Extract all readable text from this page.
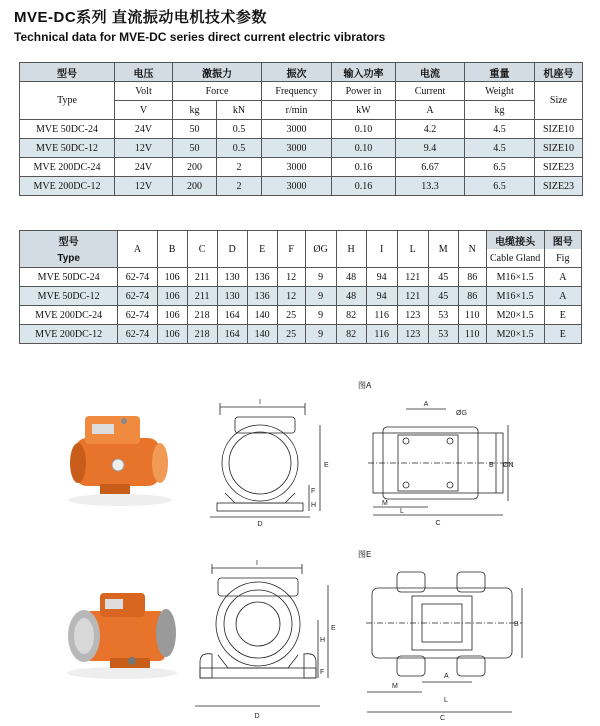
MVE-DC系列 直流振动电机技术参数
Technical data for MVE-DC series direct current electric vibrators
型号	电压	激振力		振次	输入功率	电流	重量	机座号
Type	Volt	Force		Frequency	Power in	Current	Weight	Size
	V	kg	kN	r/min	kW	A	kg	
MVE 50DC-24	24V	50	0.5	3000	0.10	4.2	4.5	SIZE10
MVE 50DC-12	12V	50	0.5	3000	0.10	9.4	4.5	SIZE10
MVE 200DC-24	24V	200	2	3000	0.16	6.67	6.5	SIZE23
MVE 200DC-12	12V	200	2	3000	0.16	13.3	6.5	SIZE23
型号	A	B	C	D	E	F	ØG	H	I	L	M	N	电缆接头	图号
Type													Cable Gland	Fig
MVE 50DC-24	62-74	106	211	130	136	12	9	48	94	121	45	86	M16×1.5	A
MVE 50DC-12	62-74	106	211	130	136	12	9	48	94	121	45	86	M16×1.5	A
MVE 200DC-24	62-74	106	218	164	140	25	9	82	116	123	53	110	M20×1.5	E
MVE 200DC-12	62-74	106	218	164	140	25	9	82	116	123	53	110	M20×1.5	E
图A
图E
I
E
F
H
D
A
ØG
B ØN
M
L
C
I
E
H
D
F
B
M
A
L
C
